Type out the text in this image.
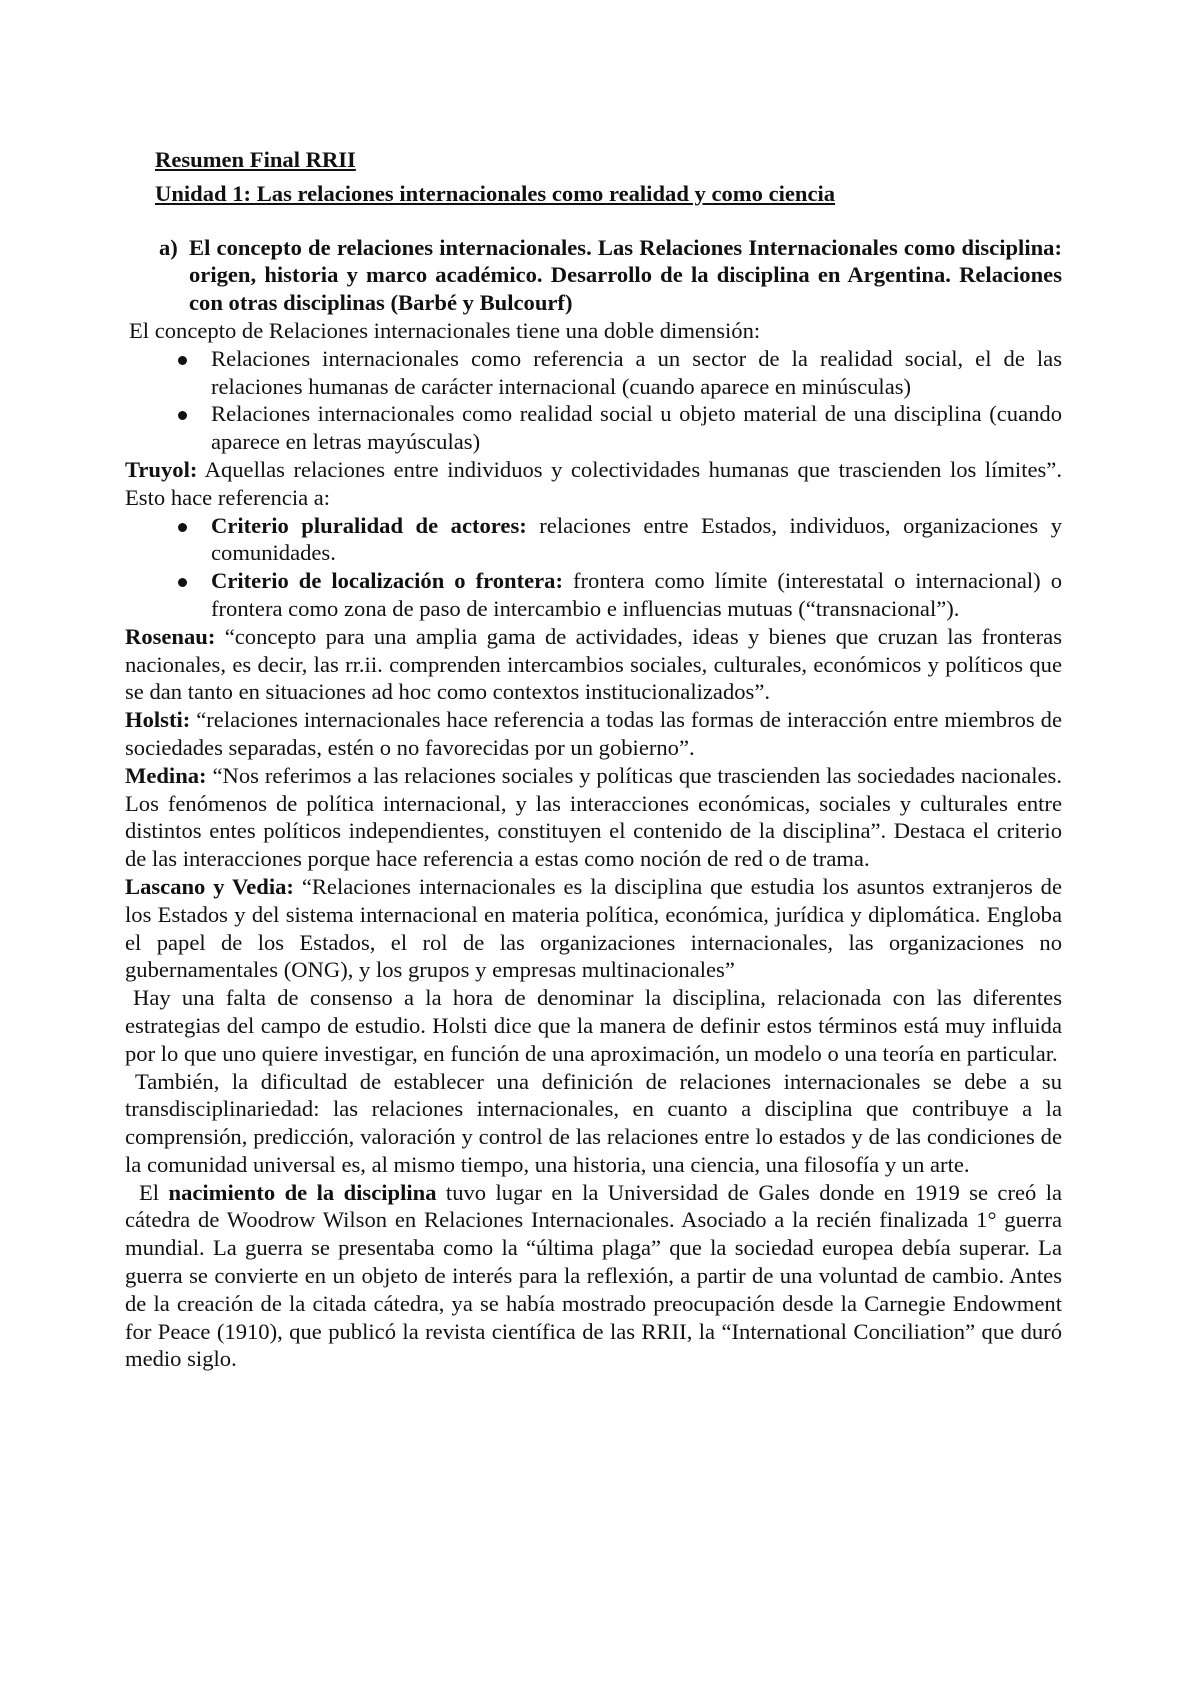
Resumen Final RRII
Unidad 1: Las relaciones internacionales como realidad y como ciencia
a) El concepto de relaciones internacionales. Las Relaciones Internacionales como disciplina: origen, historia y marco académico. Desarrollo de la disciplina en Argentina. Relaciones con otras disciplinas (Barbé y Bulcourf)

El concepto de Relaciones internacionales tiene una doble dimensión:

Relaciones internacionales como referencia a un sector de la realidad social, el de las relaciones humanas de carácter internacional (cuando aparece en minúsculas)
Relaciones internacionales como realidad social u objeto material de una disciplina (cuando aparece en letras mayúsculas)

Truyol: Aquellas relaciones entre individuos y colectividades humanas que trascienden los límites”. Esto hace referencia a:

Criterio pluralidad de actores: relaciones entre Estados, individuos, organizaciones y comunidades.
Criterio de localización o frontera: frontera como límite (interestatal o internacional) o frontera como zona de paso de intercambio e influencias mutuas (“transnacional”).

Rosenau: “concepto para una amplia gama de actividades, ideas y bienes que cruzan las fronteras nacionales, es decir, las rr.ii. comprenden intercambios sociales, culturales, económicos y políticos que se dan tanto en situaciones ad hoc como contextos institucionalizados”.

Holsti: “relaciones internacionales hace referencia a todas las formas de interacción entre miembros de sociedades separadas, estén o no favorecidas por un gobierno”.

Medina: “Nos referimos a las relaciones sociales y políticas que trascienden las sociedades nacionales. Los fenómenos de política internacional, y las interacciones económicas, sociales y culturales entre distintos entes políticos independientes, constituyen el contenido de la disciplina”. Destaca el criterio de las interacciones porque hace referencia a estas como noción de red o de trama.

Lascano y Vedia: “Relaciones internacionales es la disciplina que estudia los asuntos extranjeros de los Estados y del sistema internacional en materia política, económica, jurídica y diplomática. Engloba el papel de los Estados, el rol de las organizaciones internacionales, las organizaciones no gubernamentales (ONG), y los grupos y empresas multinacionales”

Hay una falta de consenso a la hora de denominar la disciplina, relacionada con las diferentes estrategias del campo de estudio. Holsti dice que la manera de definir estos términos está muy influida por lo que uno quiere investigar, en función de una aproximación, un modelo o una teoría en particular.

También, la dificultad de establecer una definición de relaciones internacionales se debe a su transdisciplinariedad: las relaciones internacionales, en cuanto a disciplina que contribuye a la comprensión, predicción, valoración y control de las relaciones entre lo estados y de las condiciones de la comunidad universal es, al mismo tiempo, una historia, una ciencia, una filosofía y un arte.

El nacimiento de la disciplina tuvo lugar en la Universidad de Gales donde en 1919 se creó la cátedra de Woodrow Wilson en Relaciones Internacionales. Asociado a la recién finalizada 1° guerra mundial. La guerra se presentaba como la “última plaga” que la sociedad europea debía superar. La guerra se convierte en un objeto de interés para la reflexión, a partir de una voluntad de cambio. Antes de la creación de la citada cátedra, ya se había mostrado preocupación desde la Carnegie Endowment for Peace (1910), que publicó la revista científica de las RRII, la “International Conciliation” que duró medio siglo.
